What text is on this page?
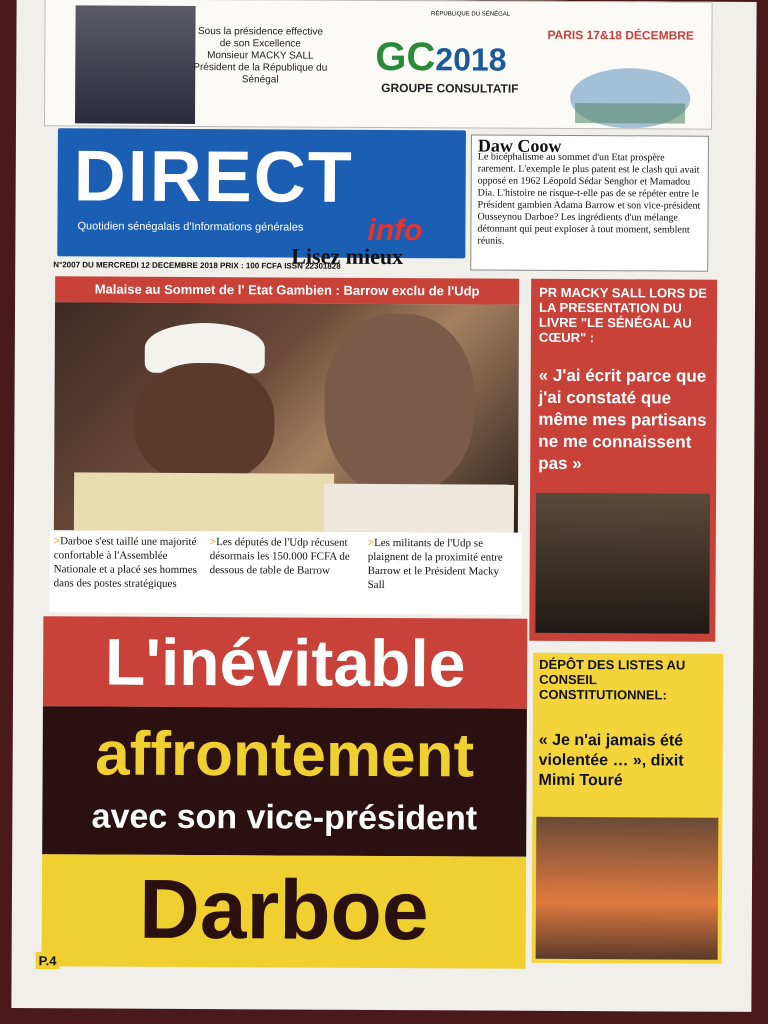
Sous la présidence effective
de son Excellence
Monsieur MACKY SALL
Président de la République du Sénégal
RÉPUBLIQUE DU SÉNÉGAL
GC2018
GROUPE CONSULTATIF
PARIS 17&18 DÉCEMBRE
DIRECT
Quotidien sénégalais d'Informations générales info
Lisez mieux
N°2007 DU MERCREDI 12 DECEMBRE 2018 PRIX : 100 FCFA ISSN 22301828
Daw Coow
Le bicéphalisme au sommet d'un Etat prospère rarement. L'exemple le plus patent est le clash qui avait opposé en 1962 Léopold Sédar Senghor et Mamadou Dia. L'histoire ne risque-t-elle pas de se répéter entre le Président gambien Adama Barrow et son vice-président Ousseynou Darboe? Les ingrédients d'un mélange détonnant qui peut exploser à tout moment, semblent réunis.
Malaise au Sommet de l' Etat Gambien : Barrow exclu de l'Udp
>Darboe s'est taillé une majorité confortable à l'Assemblée Nationale et a placé ses hommes dans des postes stratégiques
>Les députés de l'Udp récusent désormais les 150.000 FCFA de dessous de table de Barrow
>Les militants de l'Udp se plaignent de la proximité entre Barrow et le Président Macky Sall
L'inévitable
affrontement
avec son vice-président
Darboe
P.4
PR MACKY SALL LORS DE LA PRESENTATION DU LIVRE "LE SÉNÉGAL AU CŒUR" :
« J'ai écrit parce que j'ai constaté que même mes partisans ne me connaissent pas »
DÉPÔT DES LISTES AU CONSEIL CONSTITUTIONNEL:
« Je n'ai jamais été violentée … », dixit Mimi Touré
